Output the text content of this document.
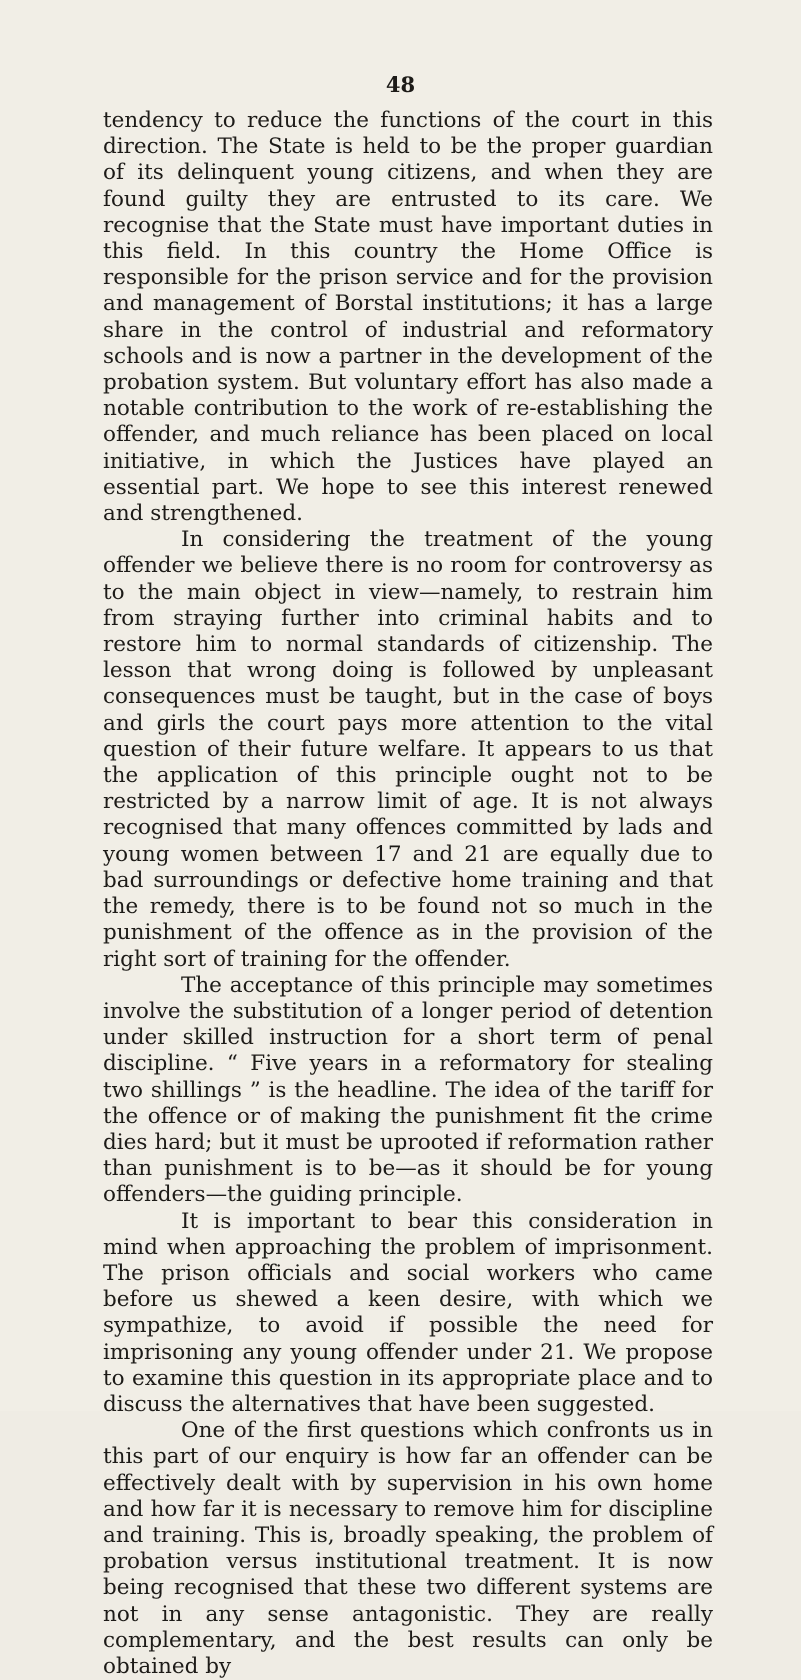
48

tendency to reduce the functions of the court in this direction. The State is held to be the proper guardian of its delinquent young citizens, and when they are found guilty they are entrusted to its care. We recognise that the State must have important duties in this field. In this country the Home Office is responsible for the prison service and for the provision and management of Borstal institutions; it has a large share in the control of industrial and reformatory schools and is now a partner in the development of the probation system. But voluntary effort has also made a notable contribution to the work of re-establishing the offender, and much reliance has been placed on local initiative, in which the Justices have played an essential part. We hope to see this interest renewed and strengthened.

In considering the treatment of the young offender we believe there is no room for controversy as to the main object in view—namely, to restrain him from straying further into criminal habits and to restore him to normal standards of citizenship. The lesson that wrong doing is followed by unpleasant consequences must be taught, but in the case of boys and girls the court pays more attention to the vital question of their future welfare. It appears to us that the application of this principle ought not to be restricted by a narrow limit of age. It is not always recognised that many offences committed by lads and young women between 17 and 21 are equally due to bad surroundings or defective home training and that the remedy, there is to be found not so much in the punishment of the offence as in the provision of the right sort of training for the offender.

The acceptance of this principle may sometimes involve the substitution of a longer period of detention under skilled instruction for a short term of penal discipline. “ Five years in a reformatory for stealing two shillings ” is the headline. The idea of the tariff for the offence or of making the punishment fit the crime dies hard; but it must be uprooted if reformation rather than punishment is to be—as it should be for young offenders—the guiding principle.

It is important to bear this consideration in mind when approaching the problem of imprisonment. The prison officials and social workers who came before us shewed a keen desire, with which we sympathize, to avoid if possible the need for imprisoning any young offender under 21. We propose to examine this question in its appropriate place and to discuss the alternatives that have been suggested.

One of the first questions which confronts us in this part of our enquiry is how far an offender can be effectively dealt with by supervision in his own home and how far it is necessary to remove him for discipline and training. This is, broadly speaking, the problem of probation versus institutional treatment. It is now being recognised that these two different systems are not in any sense antagonistic. They are really complementary, and the best results can only be obtained by
